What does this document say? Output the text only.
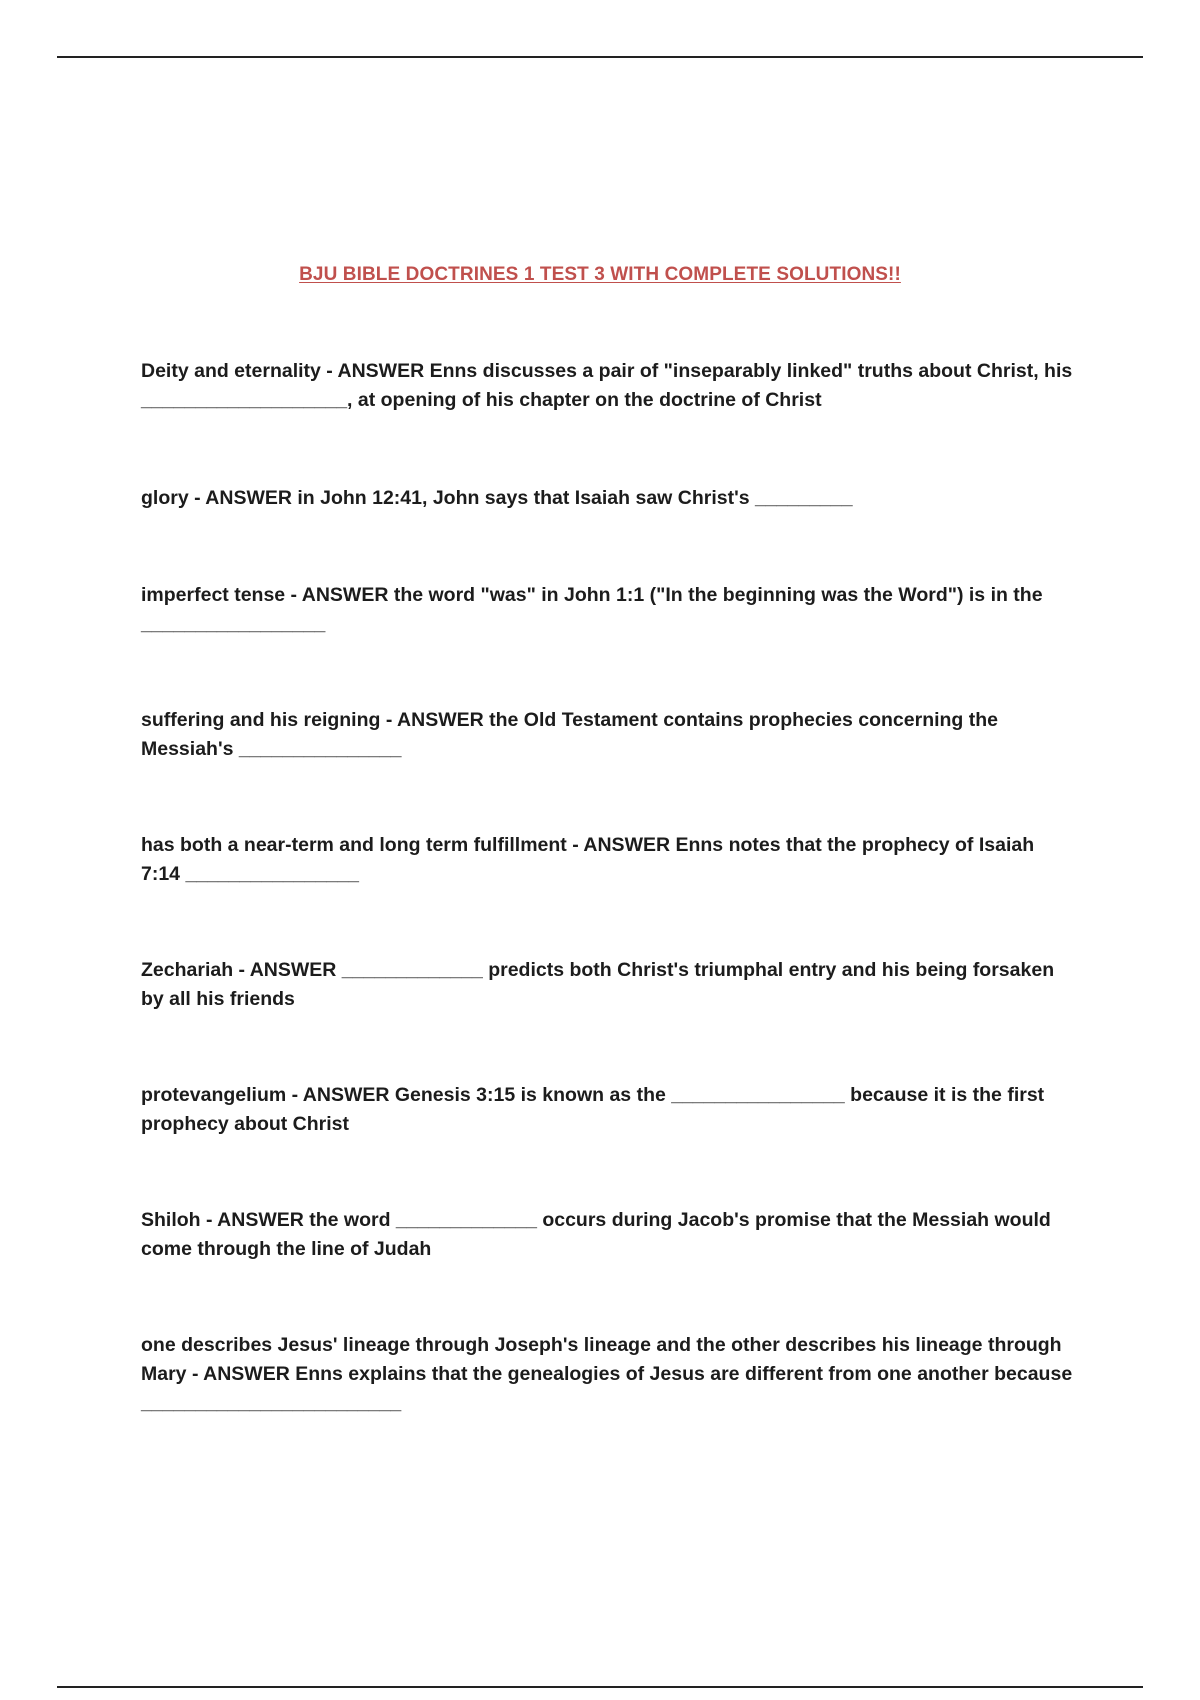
BJU BIBLE DOCTRINES 1 TEST 3 WITH COMPLETE SOLUTIONS!!

Deity and eternality - ANSWER Enns discusses a pair of "inseparably linked" truths about Christ, his ___________________, at opening of his chapter on the doctrine of Christ

glory - ANSWER in John 12:41, John says that Isaiah saw Christ's _________

imperfect tense - ANSWER the word "was" in John 1:1 ("In the beginning was the Word") is in the _________________

suffering and his reigning - ANSWER the Old Testament contains prophecies concerning the Messiah's _______________

has both a near-term and long term fulfillment - ANSWER Enns notes that the prophecy of Isaiah 7:14 ________________

Zechariah - ANSWER _____________ predicts both Christ's triumphal entry and his being forsaken by all his friends

protevangelium - ANSWER Genesis 3:15 is known as the ________________ because it is the first prophecy about Christ

Shiloh - ANSWER the word _____________ occurs during Jacob's promise that the Messiah would come through the line of Judah

one describes Jesus' lineage through Joseph's lineage and the other describes his lineage through Mary - ANSWER Enns explains that the genealogies of Jesus are different from one another because ________________________
